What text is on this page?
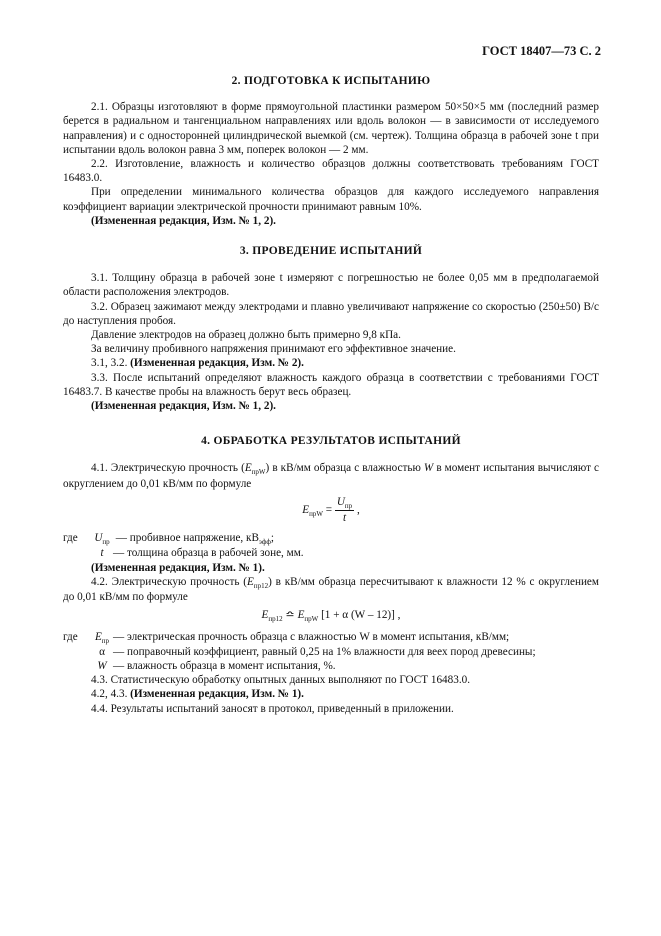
ГОСТ 18407—73 С. 2
2. ПОДГОТОВКА К ИСПЫТАНИЮ

2.1. Образцы изготовляют в форме прямоугольной пластинки размером 50×50×5 мм (последний размер берется в радиальном и тангенциальном направлениях или вдоль волокон — в зависимости от исследуемого направления) и с односторонней цилиндрической выемкой (см. чертеж). Толщина образца в рабочей зоне t при испытании вдоль волокон равна 3 мм, поперек волокон — 2 мм.

2.2. Изготовление, влажность и количество образцов должны соответствовать требованиям ГОСТ 16483.0.

При определении минимального количества образцов для каждого исследуемого направления коэффициент вариации электрической прочности принимают равным 10%.

(Измененная редакция, Изм. № 1, 2).

3. ПРОВЕДЕНИЕ ИСПЫТАНИЙ

3.1. Толщину образца в рабочей зоне t измеряют с погрешностью не более 0,05 мм в предполагаемой области расположения электродов.

3.2. Образец зажимают между электродами и плавно увеличивают напряжение со скоростью (250±50) В/с до наступления пробоя.

Давление электродов на образец должно быть примерно 9,8 кПа.

За величину пробивного напряжения принимают его эффективное значение.

3.1, 3.2. (Измененная редакция, Изм. № 2).

3.3. После испытаний определяют влажность каждого образца в соответствии с требованиями ГОСТ 16483.7. В качестве пробы на влажность берут весь образец.

(Измененная редакция, Изм. № 1, 2).

4. ОБРАБОТКА РЕЗУЛЬТАТОВ ИСПЫТАНИЙ

4.1. Электрическую прочность $(E_{прW})$ в кВ/мм образца с влажностью W в момент испытания вычисляют с округлением до 0,01 кВ/мм по формуле

$E_{прW} = \frac{U_{пр}}{t}$ ,
где	$U_{пр}$ — пробивное напряжение, $кВ_{эфф}$;
t — толщина образца в рабочей зоне, мм.

(Измененная редакция, Изм. № 1).

4.2. Электрическую прочность $(E_{пр12})$ в кВ/мм образца пересчитывают к влажности 12 % с округлением до 0,01 кВ/мм по формуле

$E_{пр12}$ ≏ $E_{прW}$ [1 + α (W – 12)] ,
где	$E_{пр}$ — электрическая прочность образца с влажностью W в момент испытания, кВ/мм;
α — поправочный коэффициент, равный 0,25 на 1% влажности для веех пород древесины;
W — влажность образца в момент испытания, %.

4.3. Статистическую обработку опытных данных выполняют по ГОСТ 16483.0.

4.2, 4.3. (Измененная редакция, Изм. № 1).

4.4. Результаты испытаний заносят в протокол, приведенный в приложении.
